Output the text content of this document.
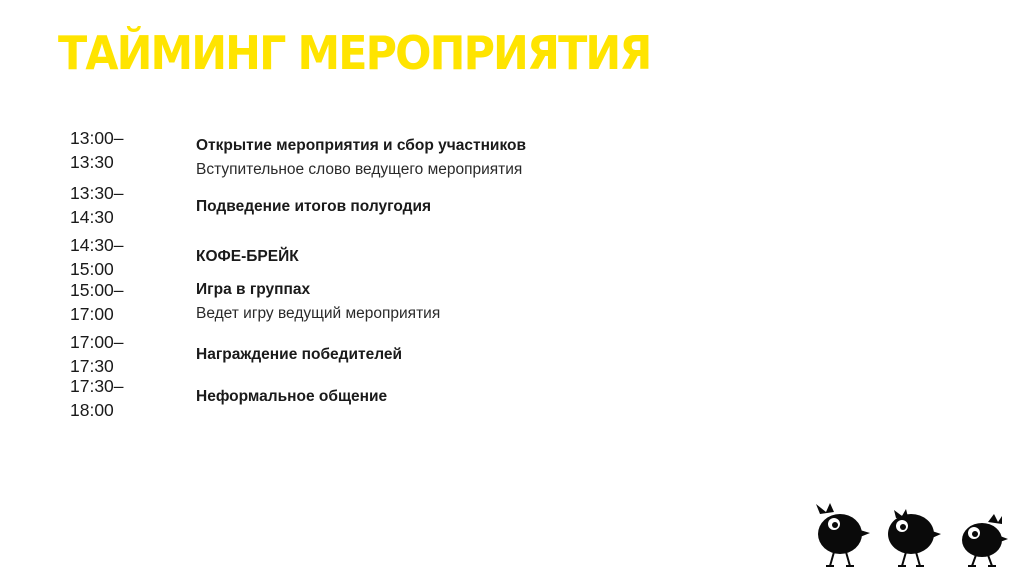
ТАЙМИНГ МЕРОПРИЯТИЯ
13:00–
13:30
Открытие мероприятия и сбор участников
Вступительное слово ведущего мероприятия
13:30–
14:30
Подведение итогов полугодия
14:30–
15:00
КОФЕ-БРЕЙК
15:00–
17:00
Игра в группах
Ведет игру ведущий мероприятия
17:00–
17:30
Награждение победителей
17:30–
18:00
Неформальное общение
